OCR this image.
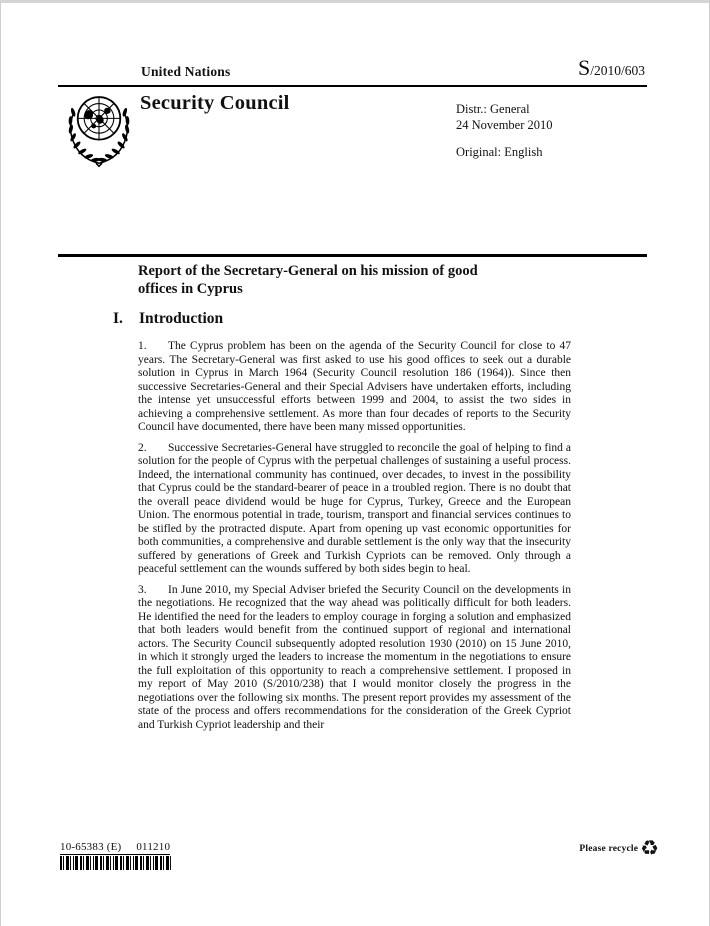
United Nations	S /2010/603
Security Council	Distr.: General
24 November 2010
Original: English
Report of the Secretary-General on his mission of good offices in Cyprus
I. Introduction

1. The Cyprus problem has been on the agenda of the Security Council for close to 47 years. The Secretary-General was first asked to use his good offices to seek out a durable solution in Cyprus in March 1964 (Security Council resolution 186 (1964)). Since then successive Secretaries-General and their Special Advisers have undertaken efforts, including the intense yet unsuccessful efforts between 1999 and 2004, to assist the two sides in achieving a comprehensive settlement. As more than four decades of reports to the Security Council have documented, there have been many missed opportunities.

2. Successive Secretaries-General have struggled to reconcile the goal of helping to find a solution for the people of Cyprus with the perpetual challenges of sustaining a useful process. Indeed, the international community has continued, over decades, to invest in the possibility that Cyprus could be the standard-bearer of peace in a troubled region. There is no doubt that the overall peace dividend would be huge for Cyprus, Turkey, Greece and the European Union. The enormous potential in trade, tourism, transport and financial services continues to be stifled by the protracted dispute. Apart from opening up vast economic opportunities for both communities, a comprehensive and durable settlement is the only way that the insecurity suffered by generations of Greek and Turkish Cypriots can be removed. Only through a peaceful settlement can the wounds suffered by both sides begin to heal.

3. In June 2010, my Special Adviser briefed the Security Council on the developments in the negotiations. He recognized that the way ahead was politically difficult for both leaders. He identified the need for the leaders to employ courage in forging a solution and emphasized that both leaders would benefit from the continued support of regional and international actors. The Security Council subsequently adopted resolution 1930 (2010) on 15 June 2010, in which it strongly urged the leaders to increase the momentum in the negotiations to ensure the full exploitation of this opportunity to reach a comprehensive settlement. I proposed in my report of May 2010 (S/2010/238) that I would monitor closely the progress in the negotiations over the following six months. The present report provides my assessment of the state of the process and offers recommendations for the consideration of the Greek Cypriot and Turkish Cypriot leadership and their

10-65383 (E) 011210	Please recycle ♻
